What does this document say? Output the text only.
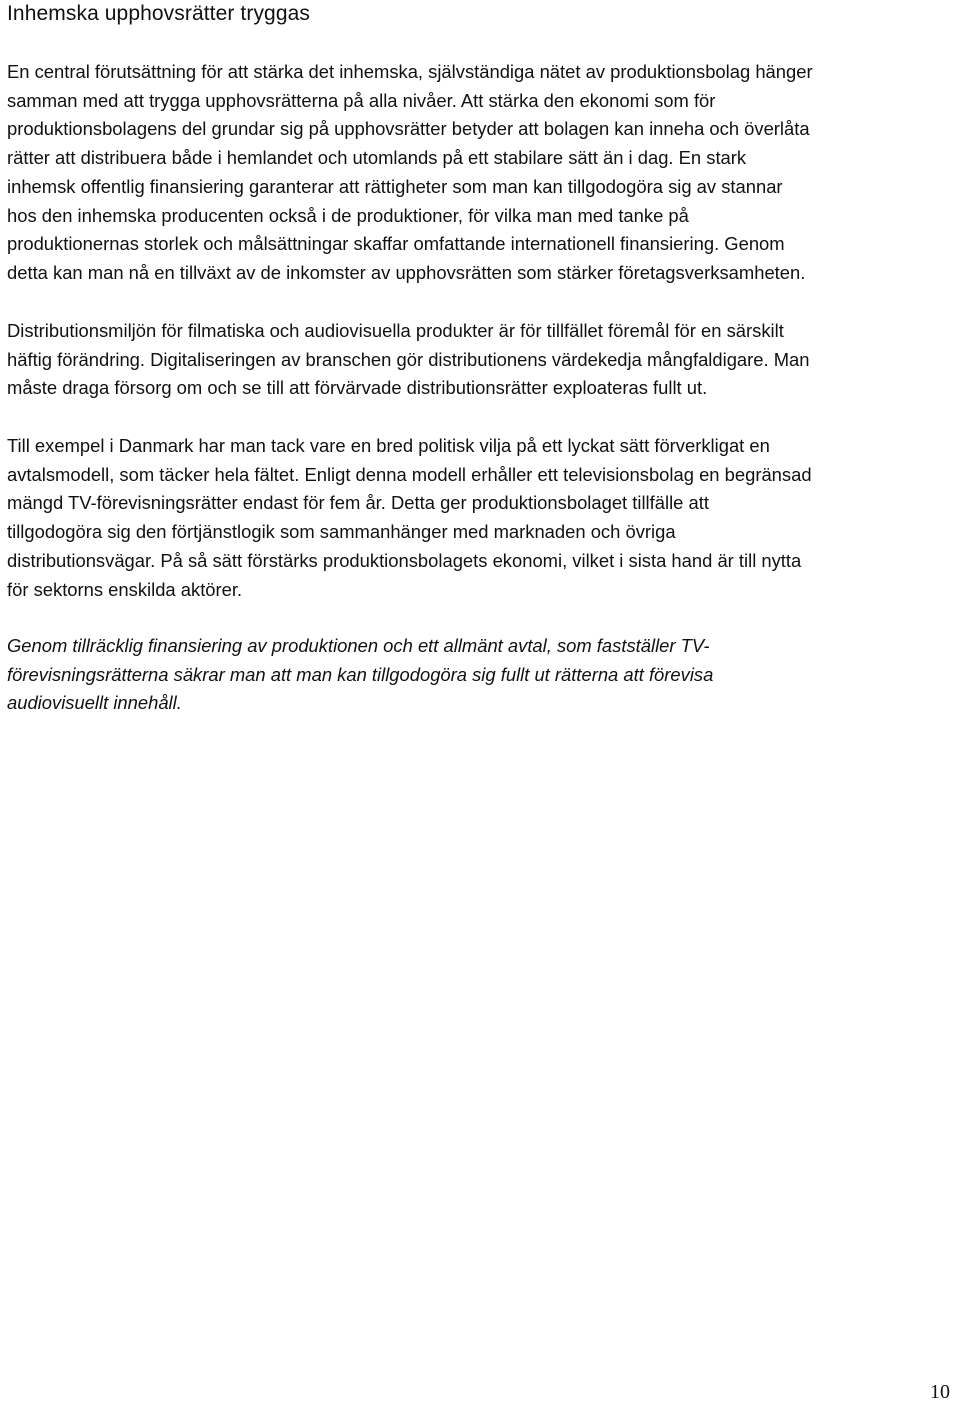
Inhemska upphovsrätter tryggas

En central förutsättning för att stärka det inhemska, självständiga nätet av produktionsbolag hänger
samman med att trygga upphovsrätterna på alla nivåer. Att stärka den ekonomi som för
produktionsbolagens del grundar sig på upphovsrätter betyder att bolagen kan inneha och överlåta
rätter att distribuera både i hemlandet och utomlands på ett stabilare sätt än i dag. En stark
inhemsk offentlig finansiering garanterar att rättigheter som man kan tillgodogöra sig av stannar
hos den inhemska producenten också i de produktioner, för vilka man med tanke på
produktionernas storlek och målsättningar skaffar omfattande internationell finansiering. Genom
detta kan man nå en tillväxt av de inkomster av upphovsrätten som stärker företagsverksamheten.

Distributionsmiljön för filmatiska och audiovisuella produkter är för tillfället föremål för en särskilt
häftig förändring. Digitaliseringen av branschen gör distributionens värdekedja mångfaldigare. Man
måste draga försorg om och se till att förvärvade distributionsrätter exploateras fullt ut.

Till exempel i Danmark har man tack vare en bred politisk vilja på ett lyckat sätt förverkligat en
avtalsmodell, som täcker hela fältet. Enligt denna modell erhåller ett televisionsbolag en begränsad
mängd TV-förevisningsrätter endast för fem år. Detta ger produktionsbolaget tillfälle att
tillgodogöra sig den förtjänstlogik som sammanhänger med marknaden och övriga
distributionsvägar. På så sätt förstärks produktionsbolagets ekonomi, vilket i sista hand är till nytta
för sektorns enskilda aktörer.

Genom tillräcklig finansiering av produktionen och ett allmänt avtal, som fastställer TV-
förevisningsrätterna säkrar man att man kan tillgodogöra sig fullt ut rätterna att förevisa
audiovisuellt innehåll.

10
